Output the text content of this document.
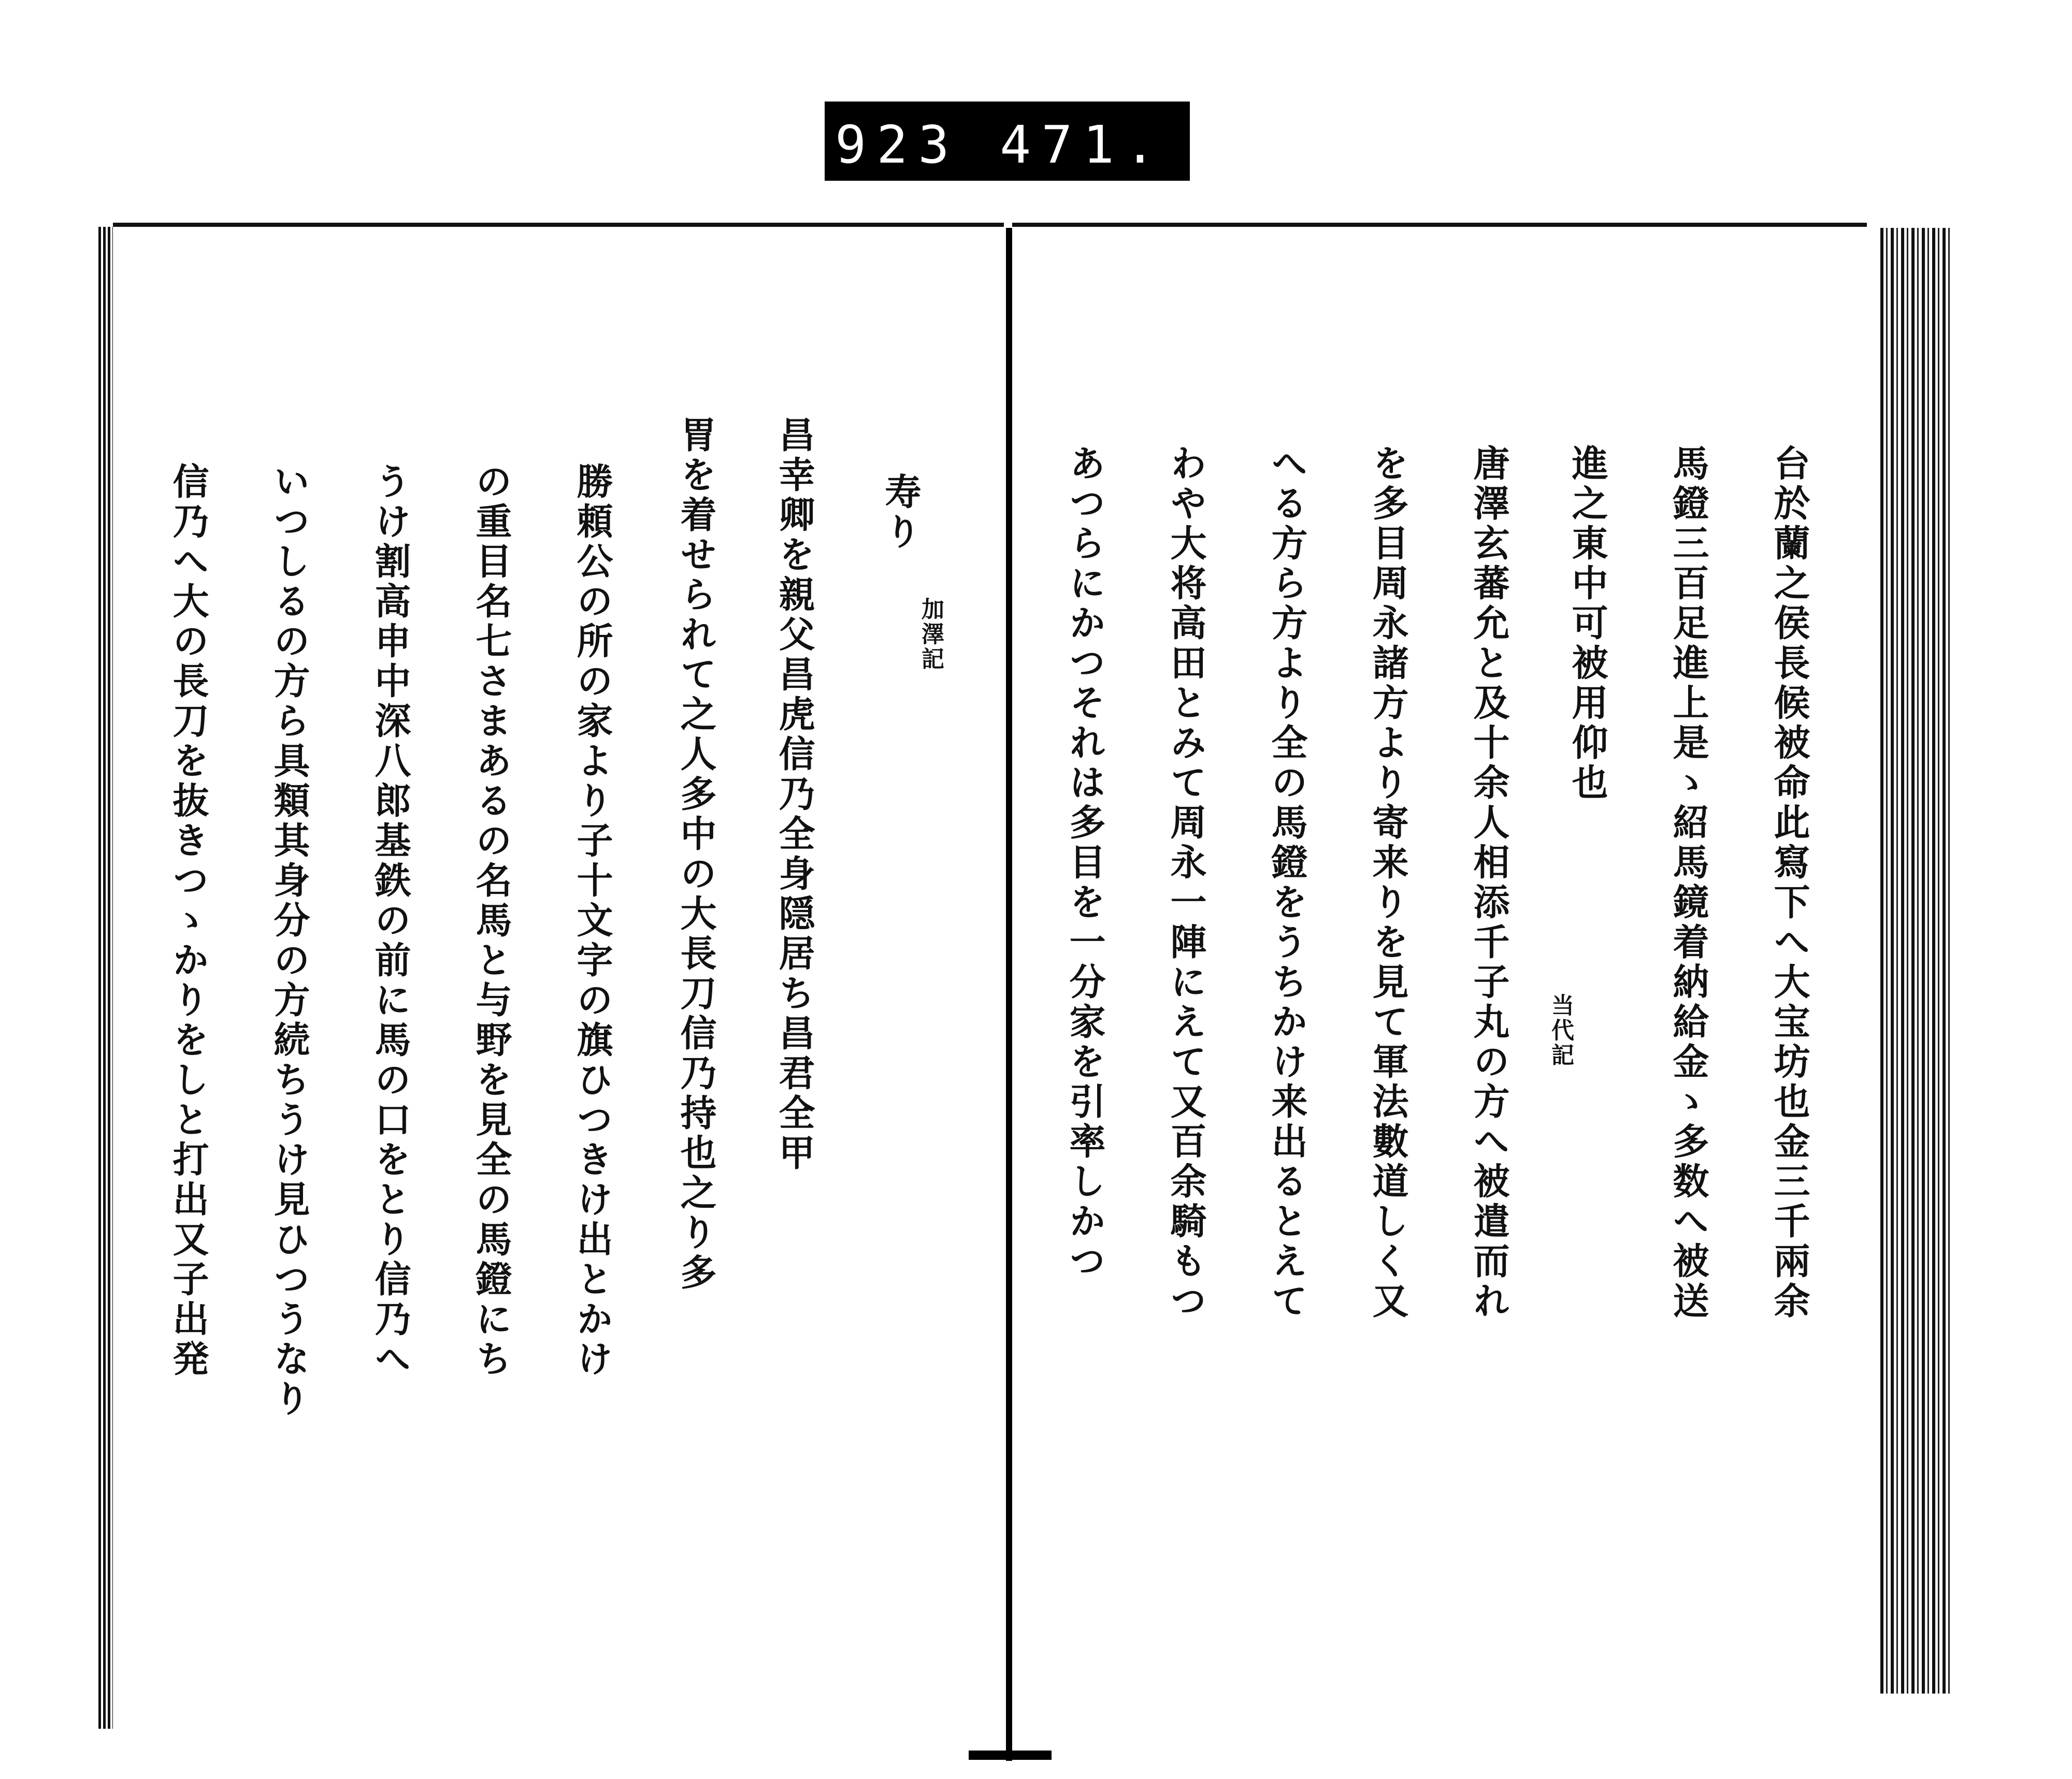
923 471.
信乃へ大の長刀を抜きつゝかりをしと打出又子出発 いつしるの方ら具類其身分の方続ちうけ見ひつうなり うけ割高申中深八郎基鉄の前に馬の口をとり信乃へ の重目名七さまあるの名馬と与野を見全の馬鐙にち 勝頼公の所の家より子十文字の旗ひつきけ出とかけ 胃を着せられて之人多中の大長刀信乃持也之り多 昌幸卿を親父昌虎信乃全身隠居ち昌君全甲 寿り
加澤記	あつらにかつそれは多目を一分家を引率しかつ わや大将高田とみて周永一陣にえて又百余騎もつ へる方ら方より全の馬鐙をうちかけ来出るとえて を多目周永諸方より寄来りを見て軍法數道しく又 唐澤玄蕃允と及十余人相添千子丸の方へ被遣而れ 当代記
進之東中可被用仰也 馬鐙三百足進上是ゝ紹馬鏡着納給金ゝ多数へ被送 台於蘭之侯長候被命此寫下へ大宝坊也金三千兩余
